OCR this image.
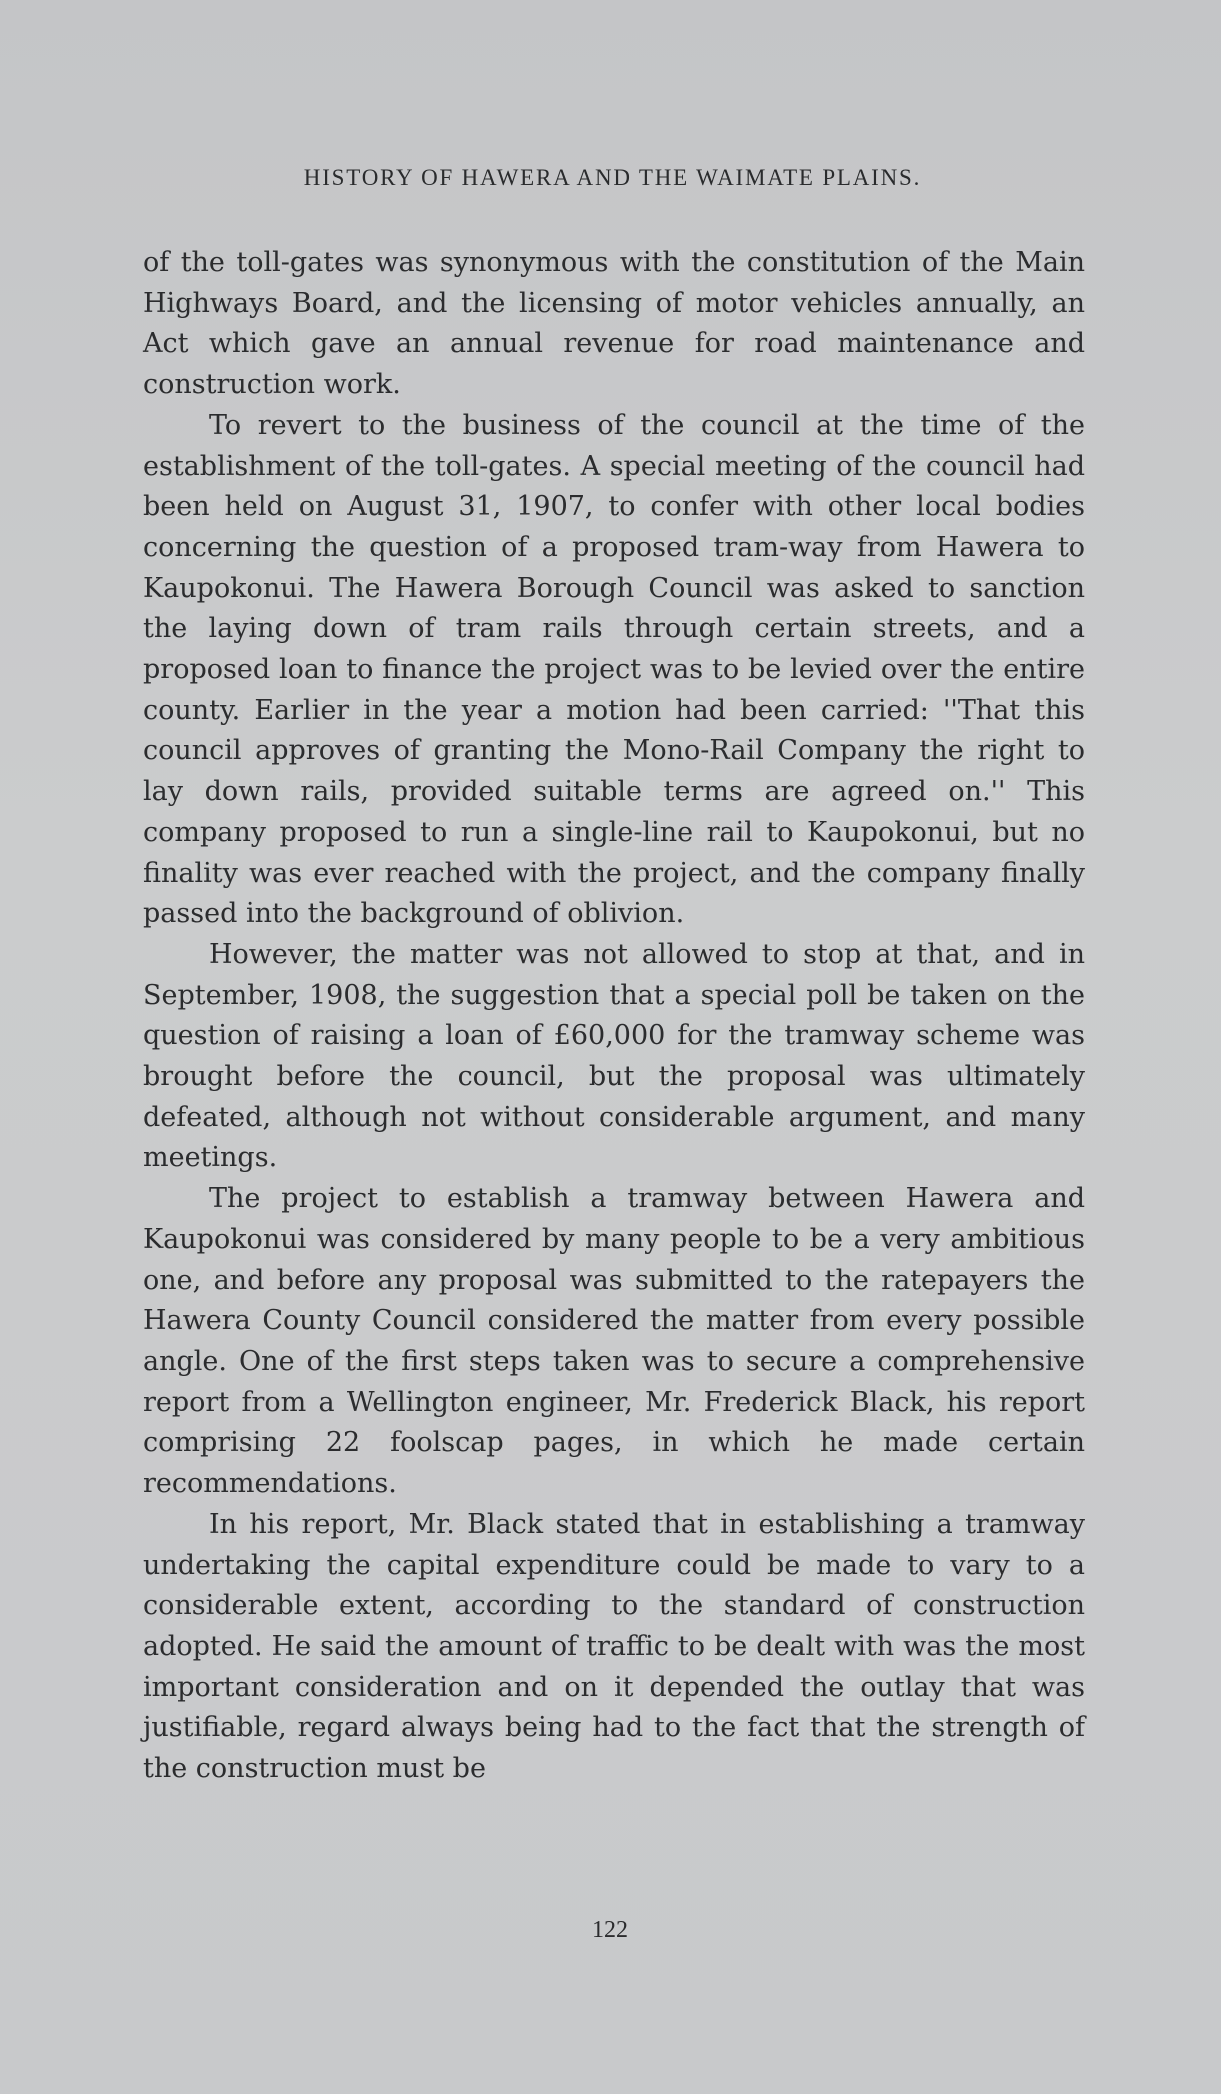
HISTORY OF HAWERA AND THE WAIMATE PLAINS.

of the toll-gates was synonymous with the constitution of the Main Highways Board, and the licensing of motor vehicles annually, an Act which gave an annual revenue for road maintenance and construction work.

To revert to the business of the council at the time of the establishment of the toll-gates. A special meeting of the council had been held on August 31, 1907, to confer with other local bodies concerning the question of a proposed tram-way from Hawera to Kaupokonui. The Hawera Borough Council was asked to sanction the laying down of tram rails through certain streets, and a proposed loan to finance the project was to be levied over the entire county. Earlier in the year a motion had been carried: ''That this council approves of granting the Mono-Rail Company the right to lay down rails, provided suitable terms are agreed on.'' This company proposed to run a single-line rail to Kaupokonui, but no finality was ever reached with the project, and the company finally passed into the background of oblivion.

However, the matter was not allowed to stop at that, and in September, 1908, the suggestion that a special poll be taken on the question of raising a loan of £60,000 for the tramway scheme was brought before the council, but the proposal was ultimately defeated, although not without considerable argument, and many meetings.

The project to establish a tramway between Hawera and Kaupokonui was considered by many people to be a very ambitious one, and before any proposal was submitted to the ratepayers the Hawera County Council considered the matter from every possible angle. One of the first steps taken was to secure a comprehensive report from a Wellington engineer, Mr. Frederick Black, his report comprising 22 foolscap pages, in which he made certain recommendations.

In his report, Mr. Black stated that in establishing a tramway undertaking the capital expenditure could be made to vary to a considerable extent, according to the standard of construction adopted. He said the amount of traffic to be dealt with was the most important consideration and on it depended the outlay that was justifiable, regard always being had to the fact that the strength of the construction must be

122
